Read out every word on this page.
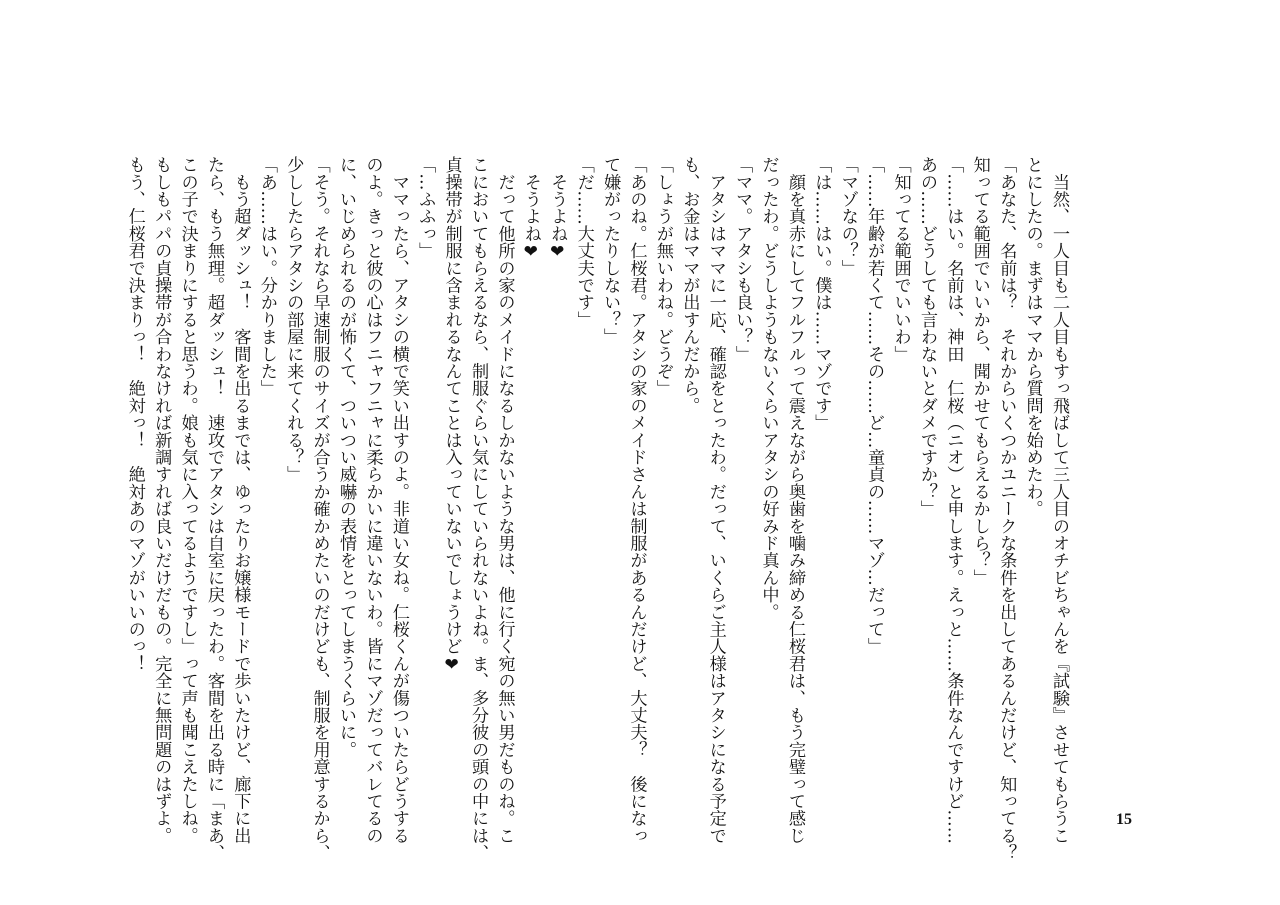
　当然、一人目も二人目もすっ飛ばして三人目のオチビちゃんを『試験』させてもらうこ
とにしたの。まずはママから質問を始めたわ。
「あなた、名前は？　それからいくつかユニークな条件を出してあるんだけど、知ってる？
知ってる範囲でいいから、聞かせてもらえるかしら？」
「……はい。名前は、神田　仁桜（ニオ）と申します。えっと……条件なんですけど……
あの……どうしても言わないとダメですか？」
「知ってる範囲でいいわ」
「……年齢が若くて……その……ど…童貞の……マゾ…だって」
「マゾなの？」
「は……はい。僕は……マゾです」
　顔を真赤にしてフルフルって震えながら奥歯を噛み締める仁桜君は、もう完璧って感じ
だったわ。どうしようもないくらいアタシの好みド真ん中。
「ママ。アタシも良い？」
　アタシはママに一応、確認をとったわ。だって、いくらご主人様はアタシになる予定で
も、お金はママが出すんだから。
「しょうが無いわね。どうぞ」
「あのね。仁桜君。アタシの家のメイドさんは制服があるんだけど、大丈夫？　後になっ
て嫌がったりしない？」
「だ……大丈夫です」
　そうよね❤
　そうよね❤
　だって他所の家のメイドになるしかないような男は、他に行く宛の無い男だものね。こ
こにおいてもらえるなら、制服ぐらい気にしていられないよね。ま、多分彼の頭の中には、
貞操帯が制服に含まれるなんてことは入っていないでしょうけど❤
「…ふふっ」
　ママったら、アタシの横で笑い出すのよ。非道い女ね。仁桜くんが傷ついたらどうする
のよ。きっと彼の心はフニャフニャに柔らかいに違いないわ。皆にマゾだってバレてるの
に、いじめられるのが怖くて、ついつい威嚇の表情をとってしまうくらいに。
「そう。それなら早速制服のサイズが合うか確かめたいのだけども、制服を用意するから、
少ししたらアタシの部屋に来てくれる？」
「あ……はい。分かりました」
　もう超ダッシュ！　客間を出るまでは、ゆったりお嬢様モードで歩いたけど、廊下に出
たら、もう無理。超ダッシュ！　速攻でアタシは自室に戻ったわ。客間を出る時に「まあ、
この子で決まりにすると思うわ。娘も気に入ってるようですし」って声も聞こえたしね。
もしもパパの貞操帯が合わなければ新調すれば良いだけだもの。完全に無問題のはずよ。
もう、仁桜君で決まりっ！　絶対っ！　絶対あのマゾがいいのっ！
15
